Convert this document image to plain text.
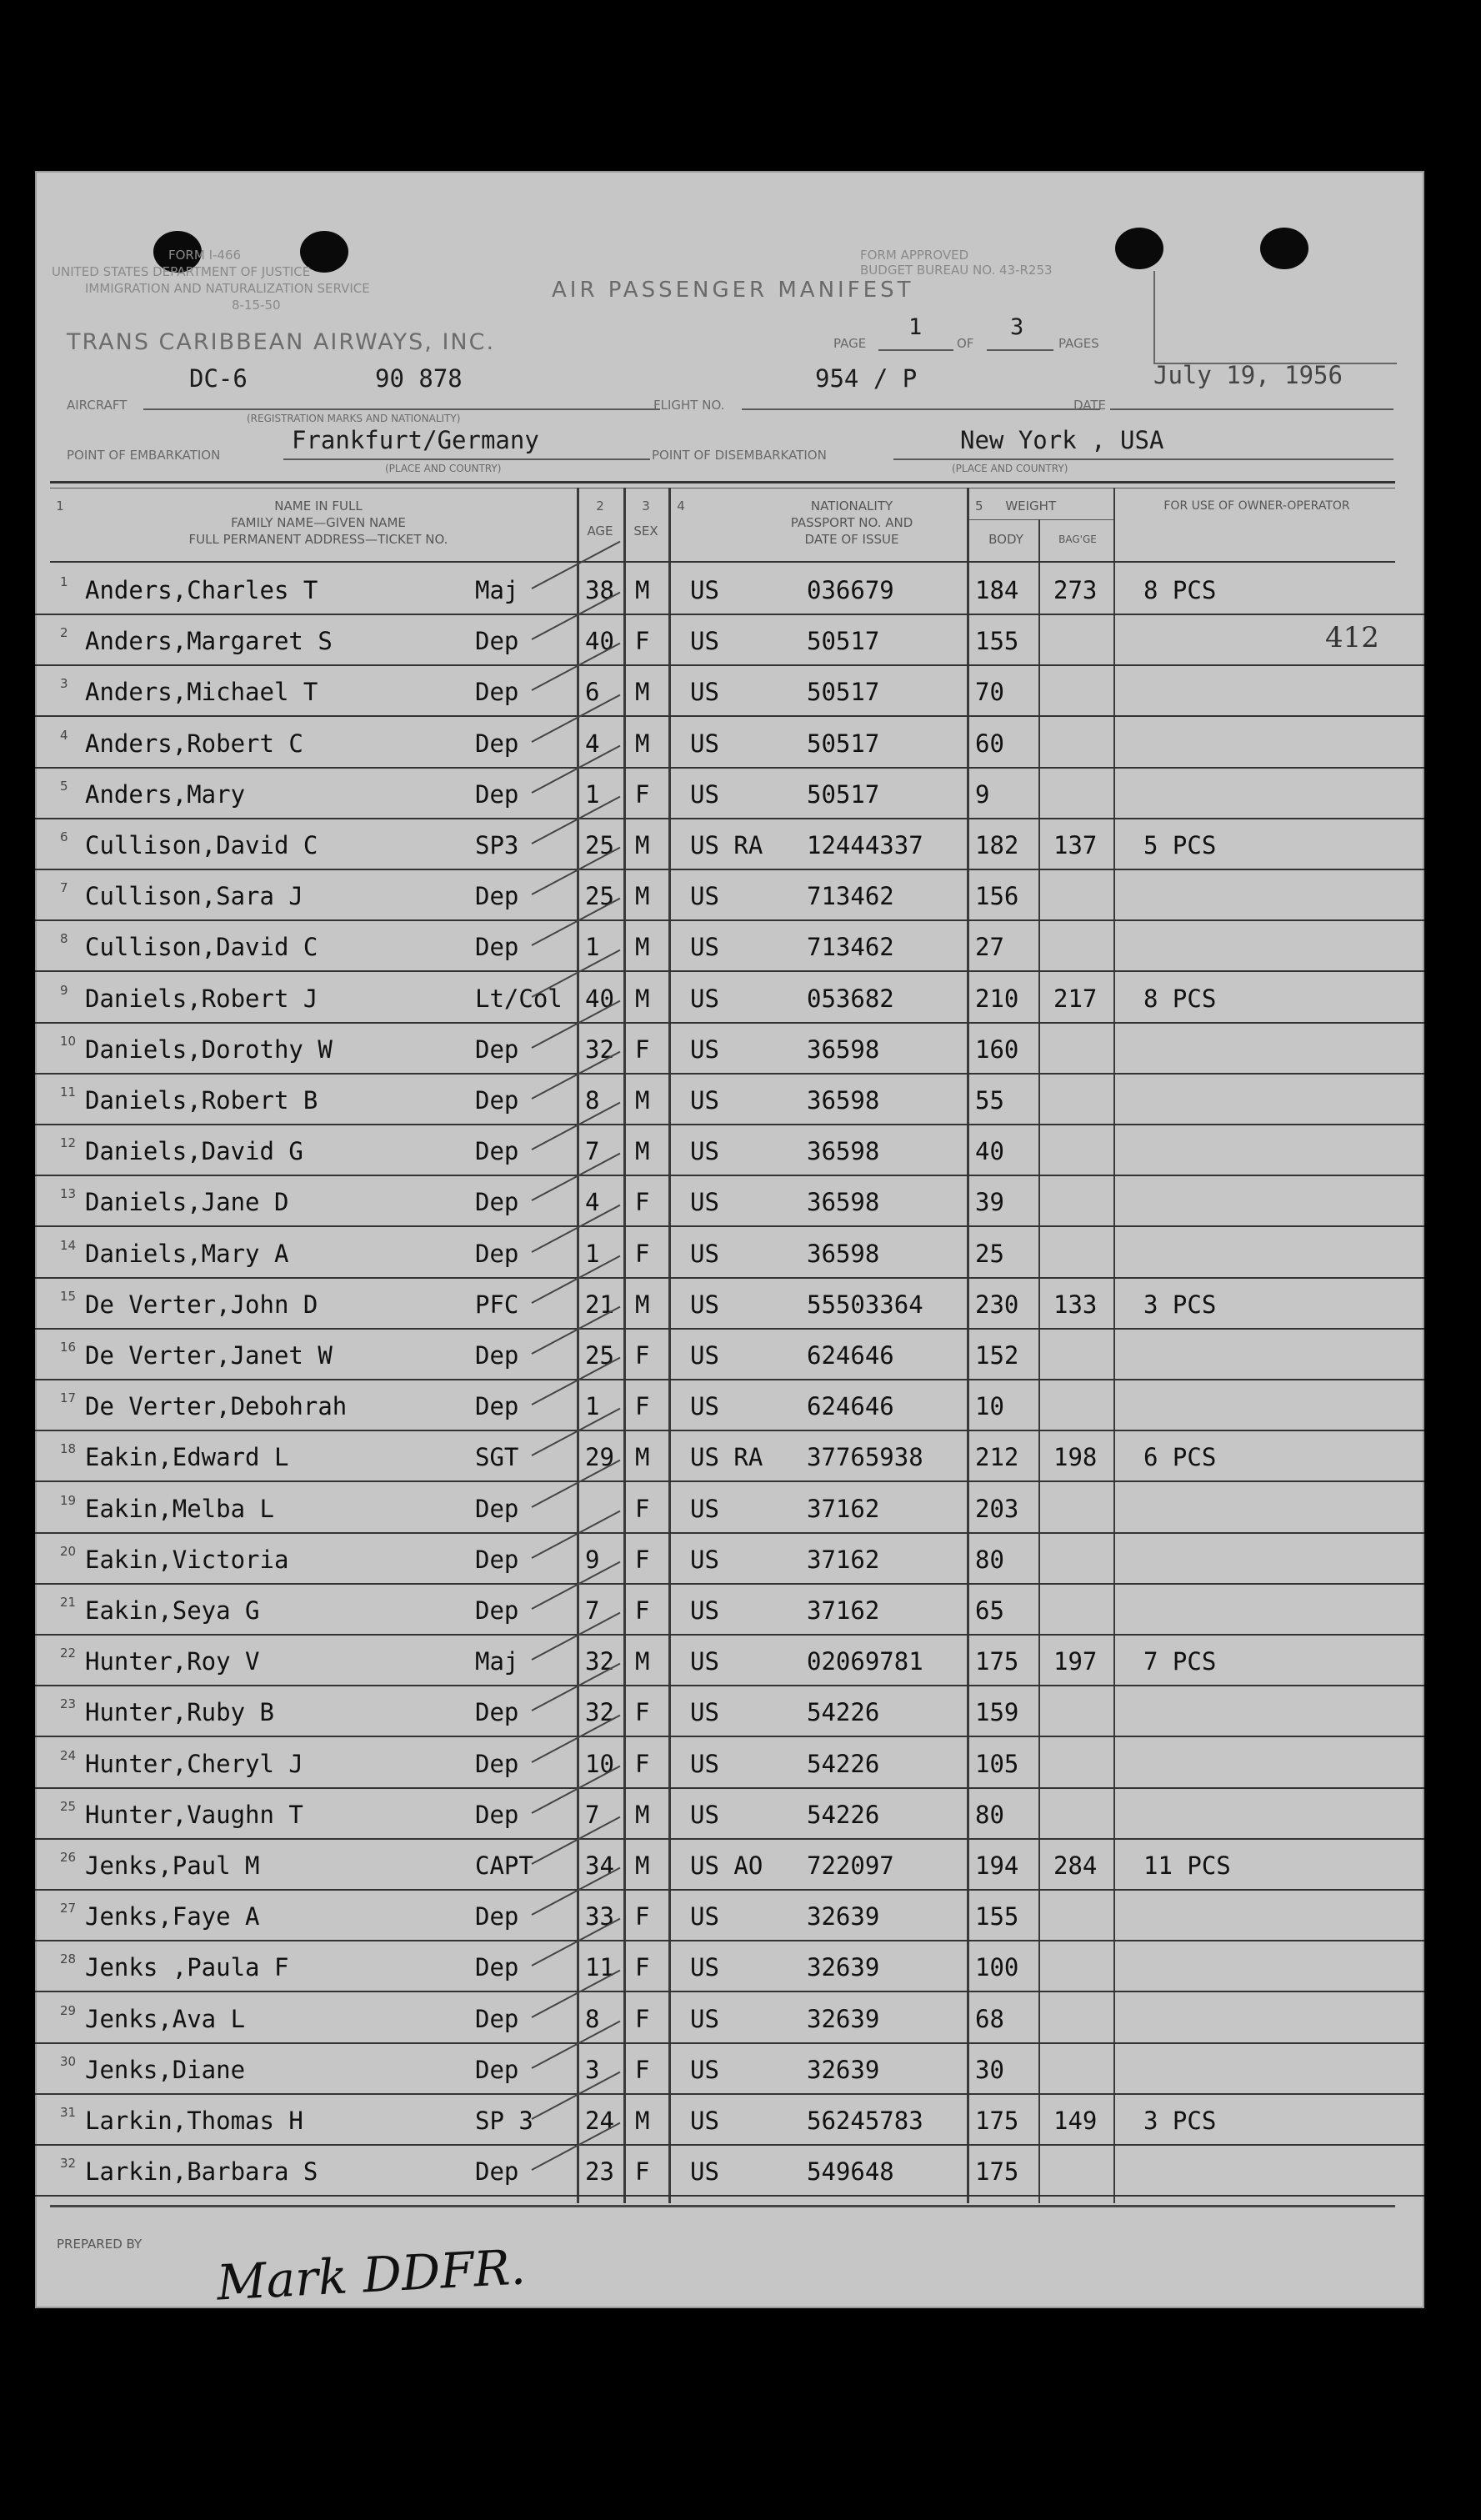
FORM I-466
UNITED STATES DEPARTMENT OF JUSTICE
IMMIGRATION AND NATURALIZATION SERVICE
8-15-50
FORM APPROVED
BUDGET BUREAU NO. 43-R253
AIR PASSENGER MANIFEST
TRANS CARIBBEAN AIRWAYS, INC.	PAGE
1
OF
3
PAGES
AIRCRAFT
DC-6	90 878
(REGISTRATION MARKS AND NATIONALITY)
FLIGHT NO.
954 / P
DATE
July 19, 1956
POINT OF EMBARKATION
Frankfurt/Germany
(PLACE AND COUNTRY)
POINT OF DISEMBARKATION
New York , USA
(PLACE AND COUNTRY)
1	NAME IN FULL
FAMILY NAME—GIVEN NAME
FULL PERMANENT ADDRESS—TICKET NO.
2
AGE
3
SEX
4	NATIONALITY
PASSPORT NO. AND
DATE OF ISSUE
5 WEIGHT
BODY	BAG'GE
FOR USE OF OWNER-OPERATOR
1 Anders,Charles T	Maj	38 M US	036679	184 273 8 PCS
2 Anders,Margaret S	Dep	40 F US	50517	155
3 Anders,Michael T	Dep	6 M US	50517	70
4 Anders,Robert C	Dep	4 M US	50517	60
5 Anders,Mary	Dep	1 F US	50517	9
6 Cullison,David C	SP3	25 M US RA 12444337 182 137 5 PCS
7 Cullison,Sara J	Dep	25 M US	713462	156
8 Cullison,David C	Dep	1 M US	713462	27
9 Daniels,Robert J	Lt/Col 40 M US	053682	210 217 8 PCS
10 Daniels,Dorothy W	Dep	32 F US	36598	160
11 Daniels,Robert B	Dep	8 M US	36598	55
12 Daniels,David G	Dep	7 M US	36598	40
13 Daniels,Jane D	Dep	4 F US	36598	39
14 Daniels,Mary A	Dep	1 F US	36598	25
15 De Verter,John D	PFC	21 M US	55503364 230 133 3 PCS
16 De Verter,Janet W	Dep	25 F US	624646	152
17 De Verter,Debohrah	Dep	1 F US	624646	10
18 Eakin,Edward L	SGT	29 M US RA 37765938 212 198 6 PCS
19 Eakin,Melba L	Dep	F US	37162	203
20 Eakin,Victoria	Dep	9 F US	37162	80
21 Eakin,Seya G	Dep	7 F US	37162	65
22 Hunter,Roy V	Maj	32 M US	02069781 175 197 7 PCS
23 Hunter,Ruby B	Dep	32 F US	54226	159
24 Hunter,Cheryl J	Dep	10 F US	54226	105
25 Hunter,Vaughn T	Dep	7 M US	54226	80
26 Jenks,Paul M	CAPT 34 M US AO 722097	194 284 11 PCS
27 Jenks,Faye A	Dep	33 F US	32639	155
28 Jenks ,Paula F	Dep	11 F US	32639	100
29 Jenks,Ava L	Dep	8 F US	32639	68
30 Jenks,Diane	Dep	3 F US	32639	30
31 Larkin,Thomas H	SP 3 24 M US	56245783 175 149 3 PCS
32 Larkin,Barbara S	Dep	23 F US	549648	175
412
PREPARED BY Mark DDFR.
